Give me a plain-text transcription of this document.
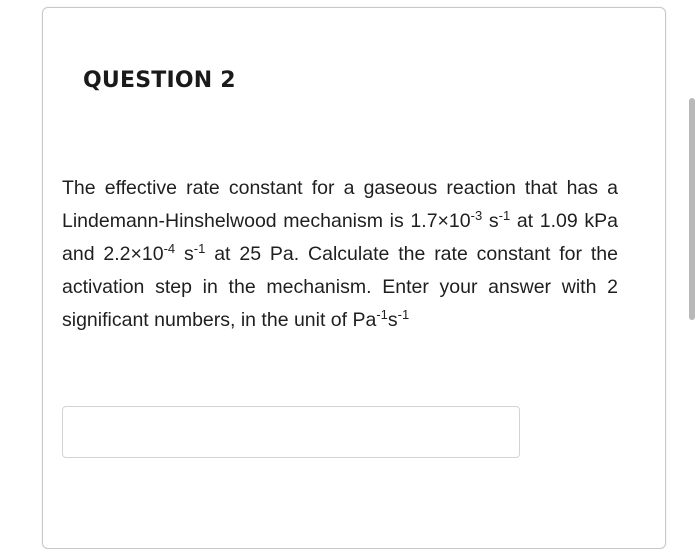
QUESTION 2
The effective rate constant for a gaseous reaction that has a Lindemann-Hinshelwood mechanism is $1.7\times 10^{-3}$ $s^{-1}$ at 1.09 kPa and $2.2\times 10^{-4}$ $s^{-1}$ at 25 Pa. Calculate the rate constant for the activation step in the mechanism. Enter your answer with 2 significant numbers, in the unit of $Pa^{-1}s^{-1}$
